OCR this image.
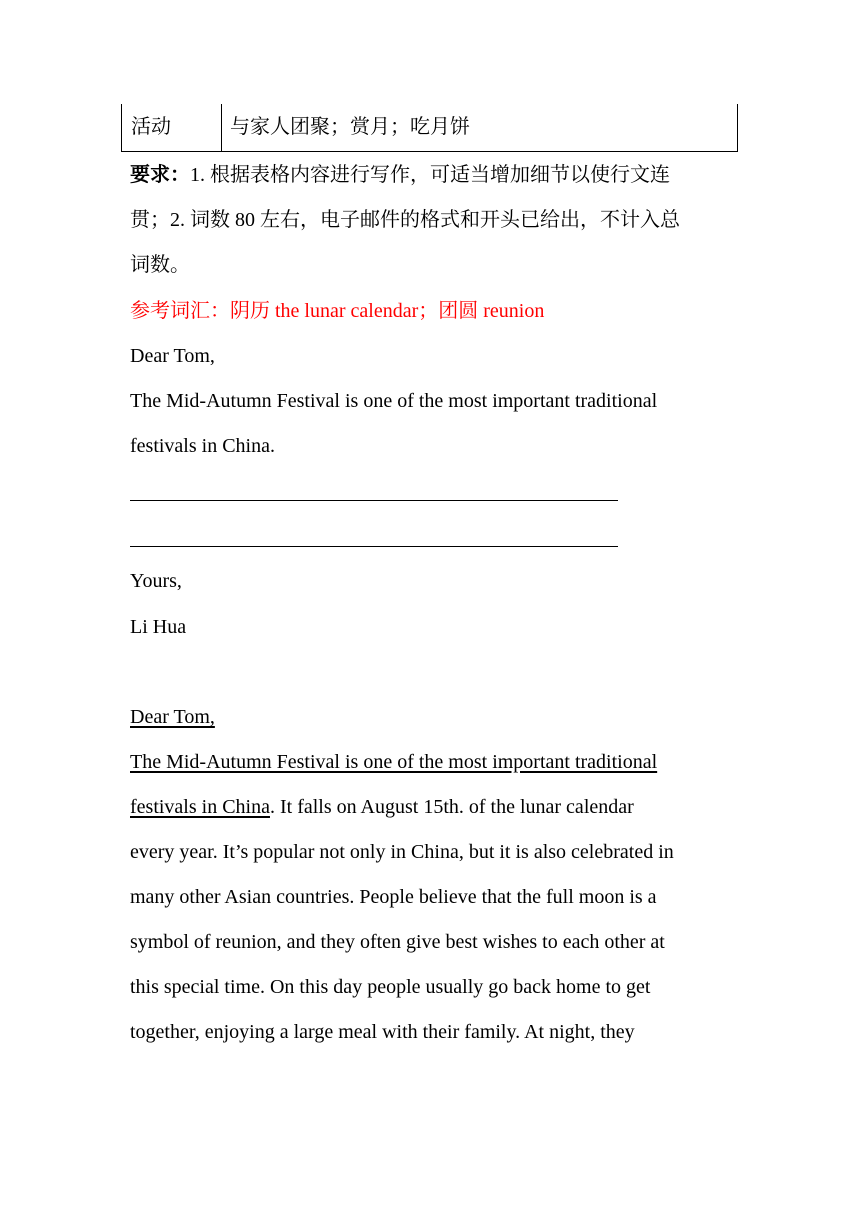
活动	与家人团聚；赏月；吃月饼
要求：1. 根据表格内容进行写作，可适当增加细节以使行文连
贯；2. 词数 80 左右，电子邮件的格式和开头已给出，不计入总
词数。
参考词汇：阴历 the lunar calendar；团圆 reunion
Dear Tom,
The Mid-Autumn Festival is one of the most important traditional
festivals in China.
Yours,
Li Hua
Dear Tom,
The Mid-Autumn Festival is one of the most important traditional
festivals in China. It falls on August 15th. of the lunar calendar
every year. It’s popular not only in China, but it is also celebrated in
many other Asian countries. People believe that the full moon is a
symbol of reunion, and they often give best wishes to each other at
this special time. On this day people usually go back home to get
together, enjoying a large meal with their family. At night, they
